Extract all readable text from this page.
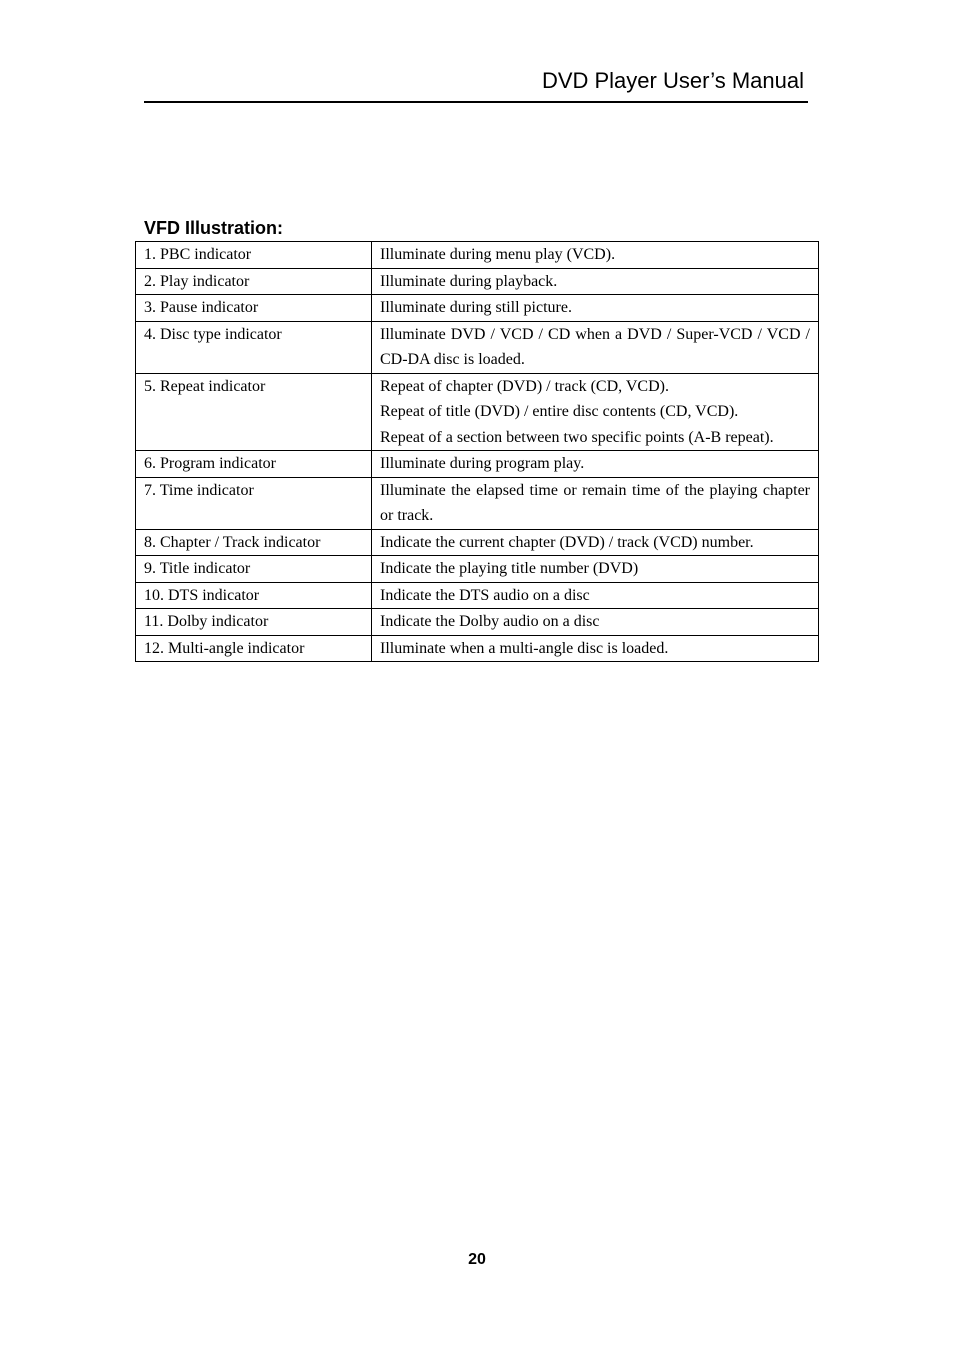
DVD Player User’s Manual
VFD Illustration:
1. PBC indicator	Illuminate during menu play (VCD).

2. Play indicator	Illuminate during playback.

3. Pause indicator	Illuminate during still picture.

4. Disc type indicator	Illuminate DVD / VCD / CD when a DVD / Super-VCD / VCD / CD-DA disc is loaded.

5. Repeat indicator	Repeat of chapter (DVD) / track (CD, VCD).
Repeat of title (DVD) / entire disc contents (CD, VCD).
Repeat of a section between two specific points (A-B repeat).

6. Program indicator	Illuminate during program play.

7. Time indicator	Illuminate the elapsed time or remain time of the playing chapter or track.

8. Chapter / Track indicator	Indicate the current chapter (DVD) / track (VCD) number.

9. Title indicator	Indicate the playing title number (DVD)

10. DTS indicator	Indicate the DTS audio on a disc

11. Dolby indicator	Indicate the Dolby audio on a disc

12. Multi-angle indicator	Illuminate when a multi-angle disc is loaded.
20
